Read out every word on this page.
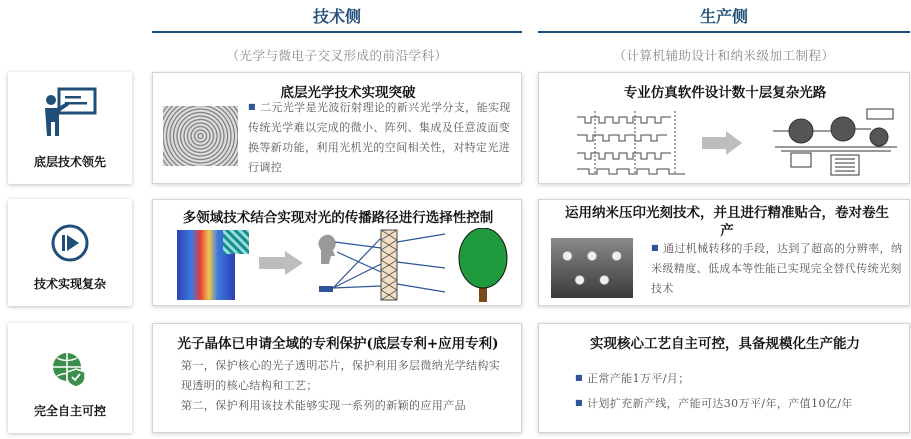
技术侧
（光学与微电子交叉形成的前沿学科）
生产侧
（计算机辅助设计和纳米级加工制程）
底层技术领先
技术实现复杂
完全自主可控
底层光学技术实现突破
■ 二元光学是光波衍射理论的新兴光学分支，能实现传统光学难以完成的微小、阵列、集成及任意波面变换等新功能，利用光机光的空间相关性，对特定光进行调控
专业仿真软件设计数十层复杂光路
多领域技术结合实现对光的传播路径进行选择性控制	运用纳米压印光刻技术，并且进行精准贴合，卷对卷生产
■ 通过机械转移的手段，达到了超高的分辨率，纳米级精度、低成本等性能已实现完全替代传统光刻技术
光子晶体已申请全域的专利保护(底层专利+应用专利)
第一，保护核心的光子透明芯片，保护利用多层微纳光学结构实现透明的核心结构和工艺；
第二，保护利用该技术能够实现一系列的新颖的应用产品
实现核心工艺自主可控，具备规模化生产能力
■ 正常产能1万平/月；
■ 计划扩充新产线，产能可达30万平/年，产值10亿/年
